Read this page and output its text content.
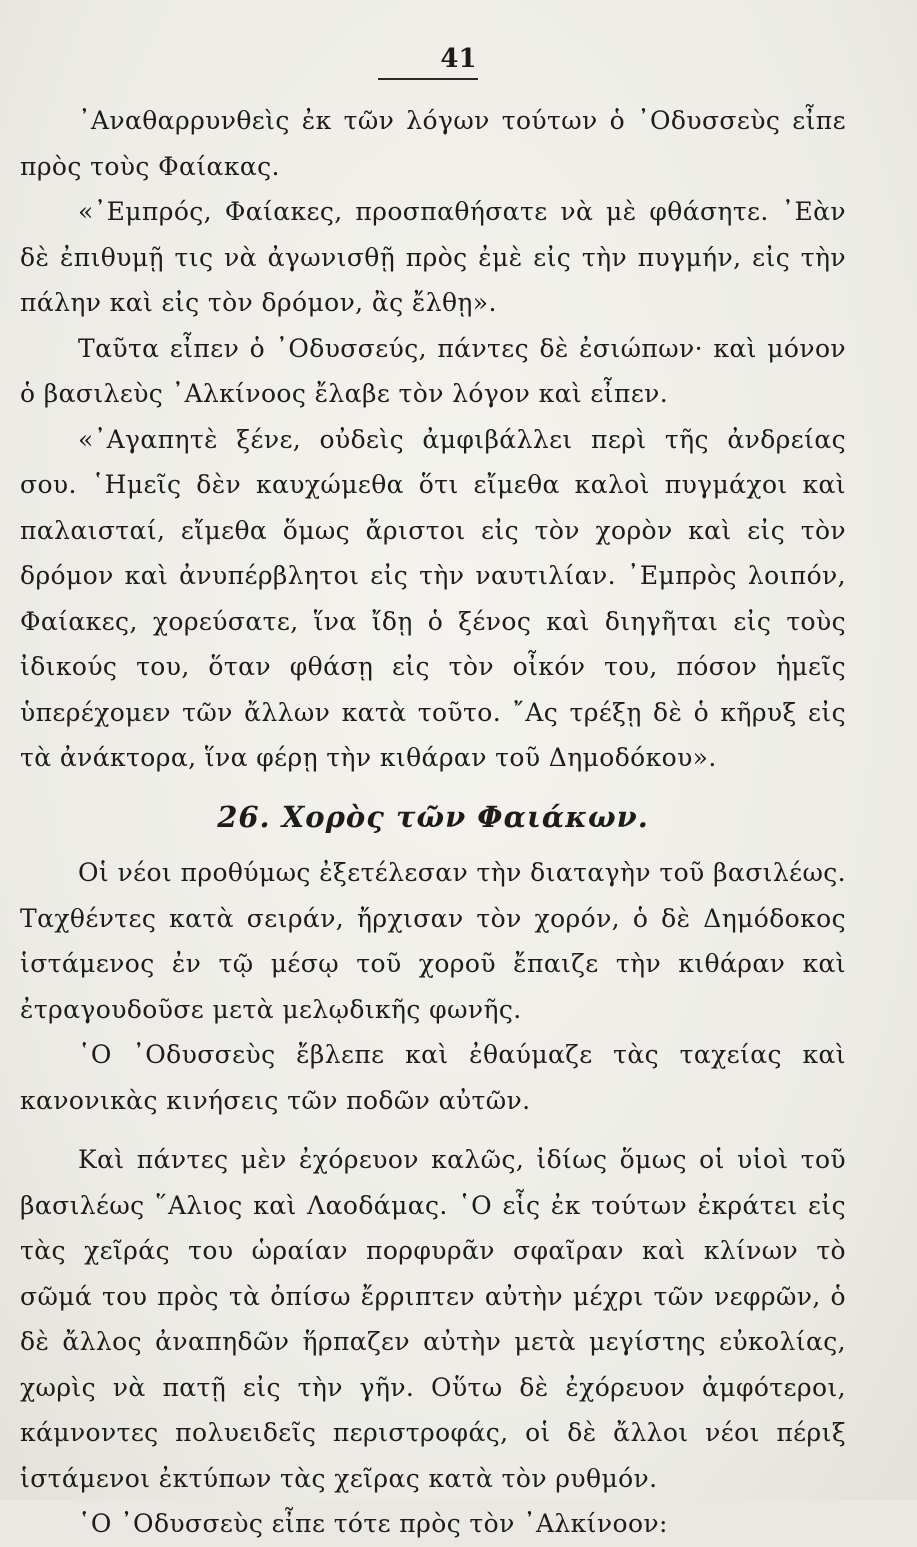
41

᾿Αναθαρρυνθεὶς ἐκ τῶν λόγων τούτων ὁ ᾿Οδυσσεὺς εἶπε πρὸς τοὺς Φαίακας.

«᾿Εμπρός, Φαίακες, προσπαθήσατε νὰ μὲ φθάσητε. ᾿Εὰν δὲ ἐπιθυμῇ τις νὰ ἀγωνισθῇ πρὸς ἐμὲ εἰς τὴν πυγμήν, εἰς τὴν πάλην καὶ εἰς τὸν δρόμον, ἂς ἔλθῃ».

Ταῦτα εἶπεν ὁ ᾿Οδυσσεύς, πάντες δὲ ἐσιώπων· καὶ μόνον ὁ βασιλεὺς ᾿Αλκίνοος ἔλαβε τὸν λόγον καὶ εἶπεν.

«᾿Αγαπητὲ ξένε, οὐδεὶς ἀμφιβάλλει περὶ τῆς ἀνδρείας σου. ῾Ημεῖς δὲν καυχώμεθα ὅτι εἴμεθα καλοὶ πυγμάχοι καὶ παλαισταί, εἴμεθα ὅμως ἄριστοι εἰς τὸν χορὸν καὶ εἰς τὸν δρόμον καὶ ἀνυπέρβλητοι εἰς τὴν ναυτιλίαν. ᾿Εμπρὸς λοιπόν, Φαίακες, χορεύσατε, ἵνα ἴδῃ ὁ ξένος καὶ διηγῆται εἰς τοὺς ἰδικούς του, ὅταν φθάσῃ εἰς τὸν οἶκόν του, πόσον ἡμεῖς ὑπερέχομεν τῶν ἄλλων κατὰ τοῦτο. ῎Ας τρέξῃ δὲ ὁ κῆρυξ εἰς τὰ ἀνάκτορα, ἵνα φέρῃ τὴν κιθάραν τοῦ Δημοδόκου».

26. Χορὸς τῶν Φαιάκων.

Οἱ νέοι προθύμως ἐξετέλεσαν τὴν διαταγὴν τοῦ βασιλέως. Ταχθέντες κατὰ σειράν, ἤρχισαν τὸν χορόν, ὁ δὲ Δημόδοκος ἱστάμενος ἐν τῷ μέσῳ τοῦ χοροῦ ἔπαιζε τὴν κιθάραν καὶ ἐτραγουδοῦσε μετὰ μελῳδικῆς φωνῆς.

῾Ο ᾿Οδυσσεὺς ἔβλεπε καὶ ἐθαύμαζε τὰς ταχείας καὶ κανονικὰς κινήσεις τῶν ποδῶν αὐτῶν.

Καὶ πάντες μὲν ἐχόρευον καλῶς, ἰδίως ὅμως οἱ υἱοὶ τοῦ βασιλέως ῞Αλιος καὶ Λαοδάμας. ῾Ο εἷς ἐκ τούτων ἐκράτει εἰς τὰς χεῖράς του ὡραίαν πορφυρᾶν σφαῖραν καὶ κλίνων τὸ σῶμά του πρὸς τὰ ὀπίσω ἔρριπτεν αὐτὴν μέχρι τῶν νεφρῶν, ὁ δὲ ἄλλος ἀναπηδῶν ἥρπαζεν αὐτὴν μετὰ μεγίστης εὐκολίας, χωρὶς νὰ πατῇ εἰς τὴν γῆν. Οὕτω δὲ ἐχόρευον ἀμφότεροι, κάμνοντες πολυειδεῖς περιστροφάς, οἱ δὲ ἄλλοι νέοι πέριξ ἱστάμενοι ἐκτύπων τὰς χεῖρας κατὰ τὸν ρυθμόν.

῾Ο ᾿Οδυσσεὺς εἶπε τότε πρὸς τὸν ᾿Αλκίνοον:
